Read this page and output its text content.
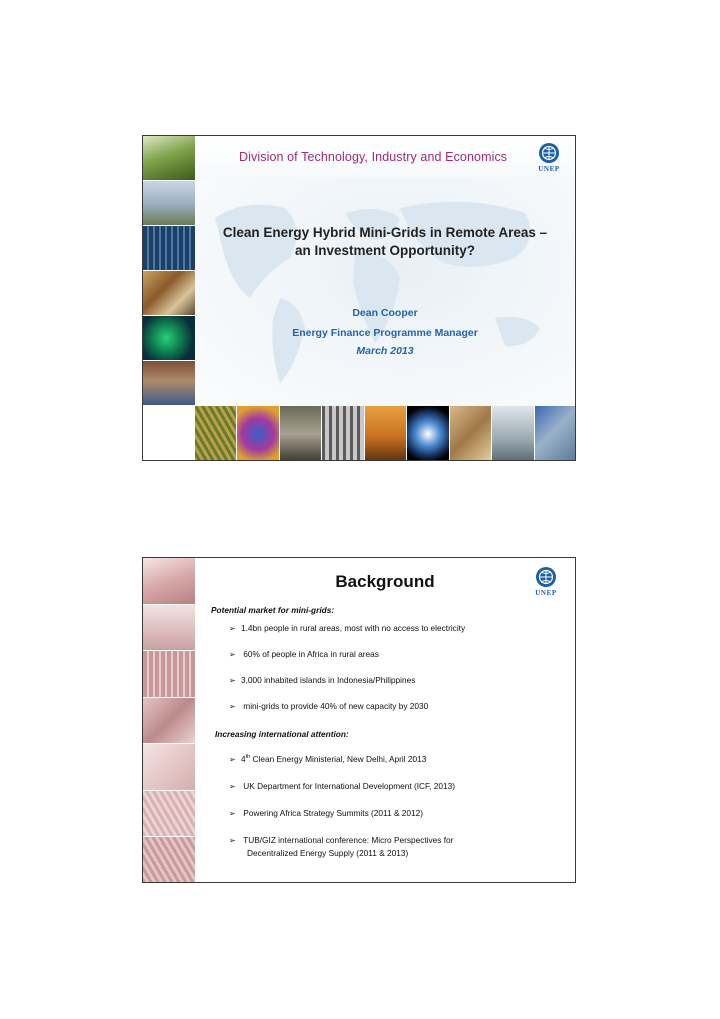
Division of Technology, Industry and Economics
UNEP
Clean Energy Hybrid Mini-Grids in Remote Areas –
an Investment Opportunity?
Dean Cooper
Energy Finance Programme Manager
March 2013
Background
UNEP
Potential market for mini-grids:
➢ 1.4bn people in rural areas, most with no access to electricity
➢ 60% of people in Africa in rural areas
➢ 3,000 inhabited islands in Indonesia/Philippines
➢ mini-grids to provide 40% of new capacity by 2030
Increasing international attention:
➢ 4th Clean Energy Ministerial, New Delhi, April 2013
➢ UK Department for International Development (ICF, 2013)
➢ Powering Africa Strategy Summits (2011 & 2012)
➢ TUB/GIZ international conference: Micro Perspectives for
Decentralized Energy Supply (2011 & 2013)
